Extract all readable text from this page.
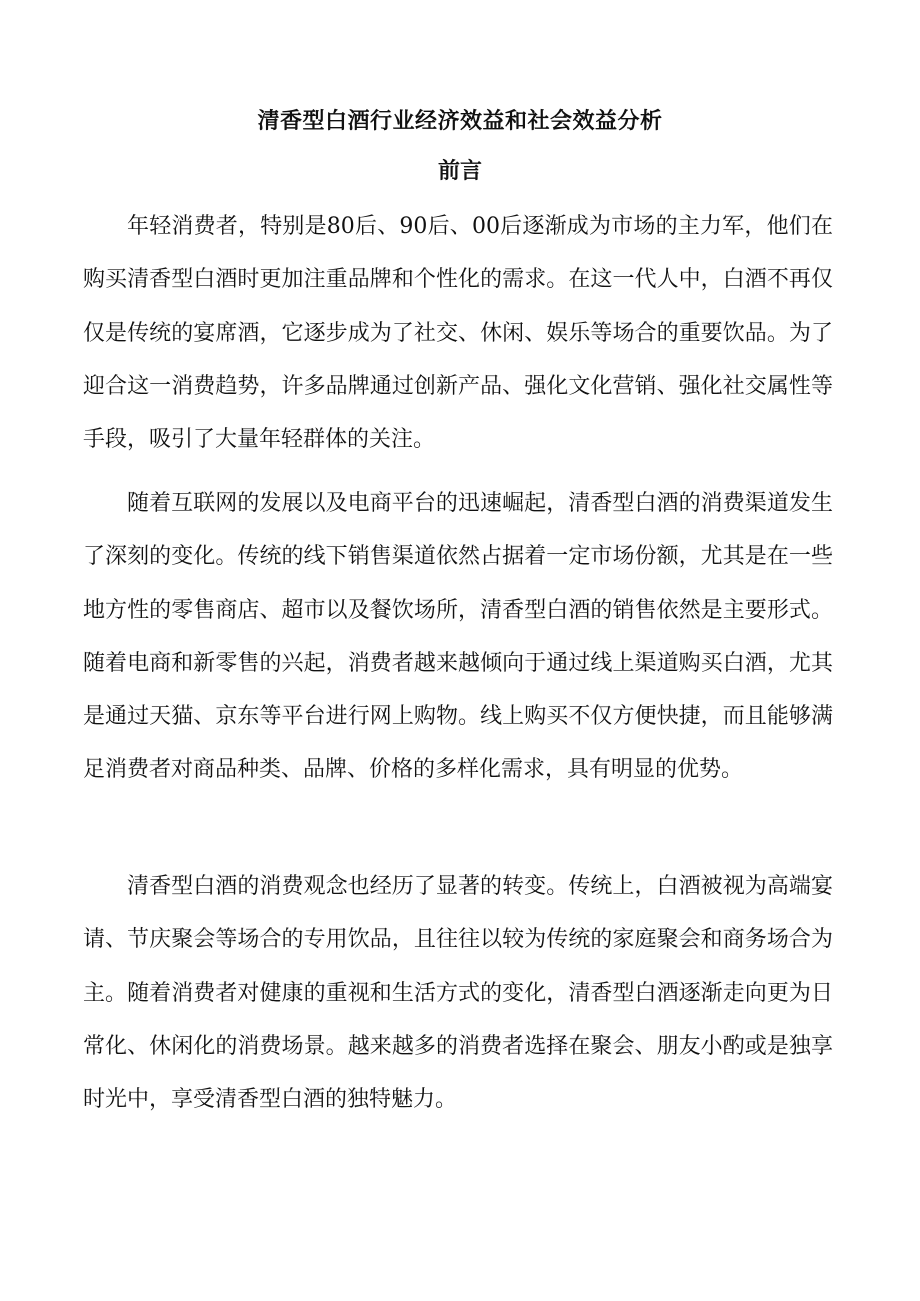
清香型白酒行业经济效益和社会效益分析
前言

年轻消费者，特别是80后、90后、00后逐渐成为市场的主力军，他们在购买清香型白酒时更加注重品牌和个性化的需求。在这一代人中，白酒不再仅仅是传统的宴席酒，它逐步成为了社交、休闲、娱乐等场合的重要饮品。为了迎合这一消费趋势，许多品牌通过创新产品、强化文化营销、强化社交属性等手段，吸引了大量年轻群体的关注。

随着互联网的发展以及电商平台的迅速崛起，清香型白酒的消费渠道发生了深刻的变化。传统的线下销售渠道依然占据着一定市场份额，尤其是在一些地方性的零售商店、超市以及餐饮场所，清香型白酒的销售依然是主要形式。随着电商和新零售的兴起，消费者越来越倾向于通过线上渠道购买白酒，尤其是通过天猫、京东等平台进行网上购物。线上购买不仅方便快捷，而且能够满足消费者对商品种类、品牌、价格的多样化需求，具有明显的优势。

清香型白酒的消费观念也经历了显著的转变。传统上，白酒被视为高端宴请、节庆聚会等场合的专用饮品，且往往以较为传统的家庭聚会和商务场合为主。随着消费者对健康的重视和生活方式的变化，清香型白酒逐渐走向更为日常化、休闲化的消费场景。越来越多的消费者选择在聚会、朋友小酌或是独享时光中，享受清香型白酒的独特魅力。
